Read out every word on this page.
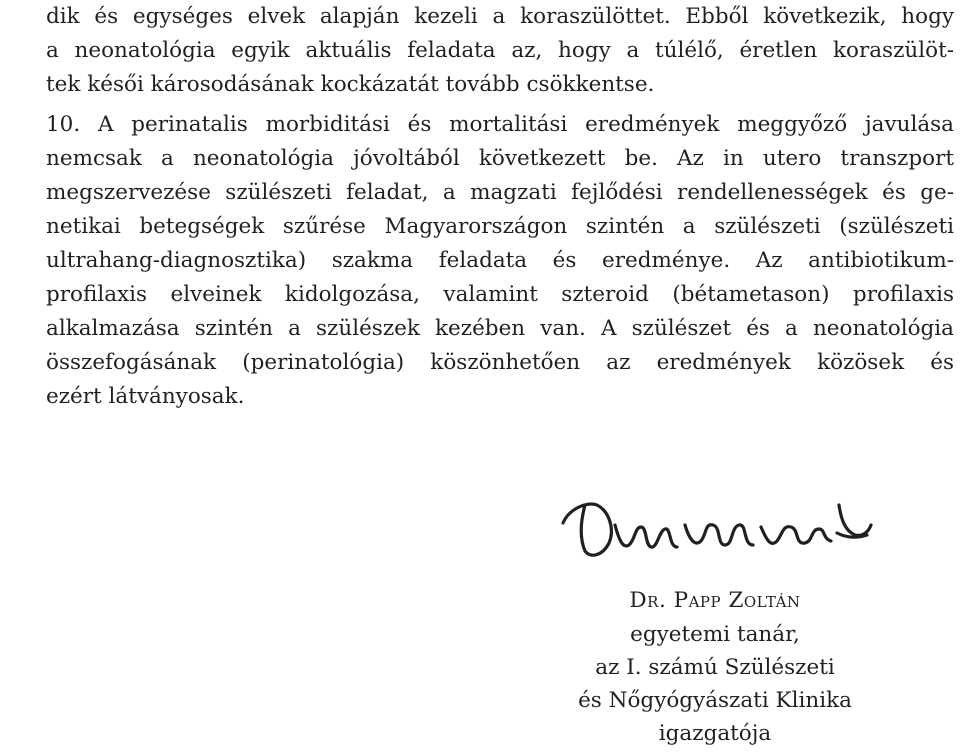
dik és egységes elvek alapján kezeli a koraszülöttet. Ebből következik, hogy
a neonatológia egyik aktuális feladata az, hogy a túlélő, éretlen koraszülöt-
tek késői károsodásának kockázatát tovább csökkentse.
10. A perinatalis morbiditási és mortalitási eredmények meggyőző javulása
nemcsak a neonatológia jóvoltából következett be. Az in utero transzport
megszervezése szülészeti feladat, a magzati fejlődési rendellenességek és ge-
netikai betegségek szűrése Magyarországon szintén a szülészeti (szülészeti
ultrahang-diagnosztika) szakma feladata és eredménye. Az antibiotikum-
profilaxis elveinek kidolgozása, valamint szteroid (bétametason) profilaxis
alkalmazása szintén a szülészek kezében van. A szülészet és a neonatológia
összefogásának (perinatológia) köszönhetően az eredmények közösek és
ezért látványosak.
Dr. Papp Zoltán
egyetemi tanár,
az I. számú Szülészeti
és Nőgyógyászati Klinika
igazgatója
